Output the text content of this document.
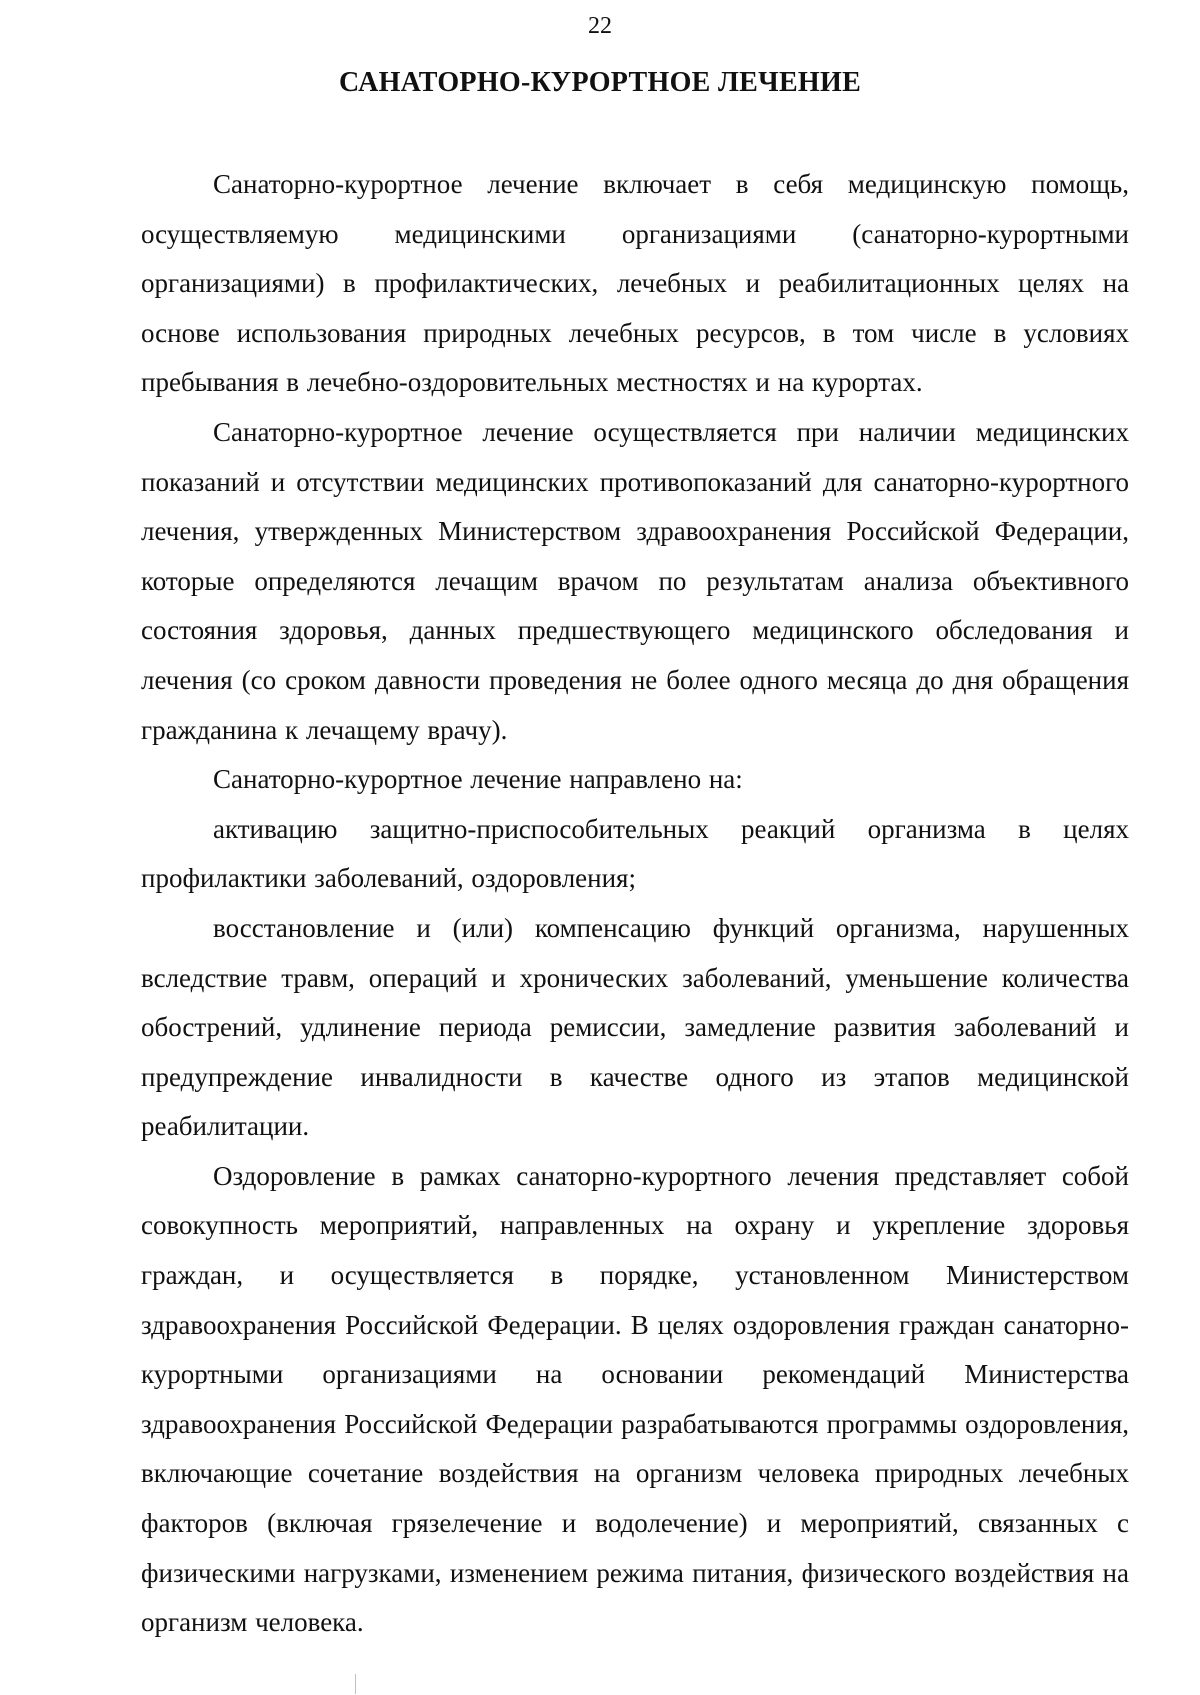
22
САНАТОРНО-КУРОРТНОЕ ЛЕЧЕНИЕ

Санаторно-курортное лечение включает в себя медицинскую помощь, осуществляемую медицинскими организациями (санаторно-курортными организациями) в профилактических, лечебных и реабилитационных целях на основе использования природных лечебных ресурсов, в том числе в условиях пребывания в лечебно-оздоровительных местностях и на курортах.

Санаторно-курортное лечение осуществляется при наличии медицинских показаний и отсутствии медицинских противопоказаний для санаторно-курортного лечения, утвержденных Министерством здравоохранения Российской Федерации, которые определяются лечащим врачом по результатам анализа объективного состояния здоровья, данных предшествующего медицинского обследования и лечения (со сроком давности проведения не более одного месяца до дня обращения гражданина к лечащему врачу).

Санаторно-курортное лечение направлено на:

активацию защитно-приспособительных реакций организма в целях профилактики заболеваний, оздоровления;

восстановление и (или) компенсацию функций организма, нарушенных вследствие травм, операций и хронических заболеваний, уменьшение количества обострений, удлинение периода ремиссии, замедление развития заболеваний и предупреждение инвалидности в качестве одного из этапов медицинской реабилитации.

Оздоровление в рамках санаторно-курортного лечения представляет собой совокупность мероприятий, направленных на охрану и укрепление здоровья граждан, и осуществляется в порядке, установленном Министерством здравоохранения Российской Федерации. В целях оздоровления граждан санаторно-курортными организациями на основании рекомендаций Министерства здравоохранения Российской Федерации разрабатываются программы оздоровления, включающие сочетание воздействия на организм человека природных лечебных факторов (включая грязелечение и водолечение) и мероприятий, связанных с физическими нагрузками, изменением режима питания, физического воздействия на организм человека.
